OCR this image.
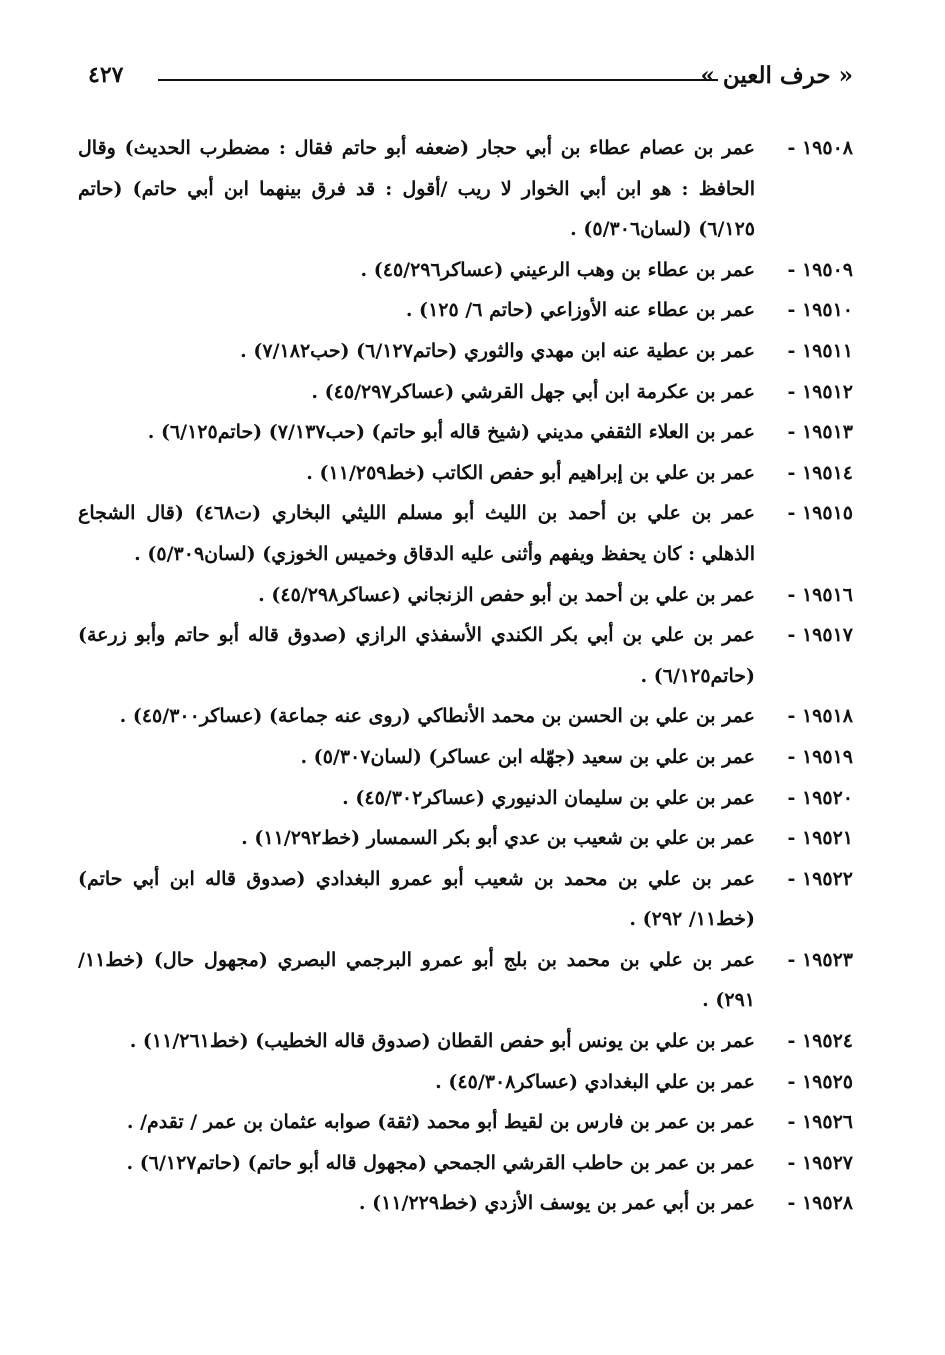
« حرف العين »
٤٢٧

١٩٥٠٨ -
عمر بن عصام عطاء بن أبي حجار (ضعفه أبو حاتم فقال : مضطرب الحديث) وقال الحافظ : هو ابن أبي الخوار لا ريب /أقول : قد فرق بينهما ابن أبي حاتم) (حاتم ٦/١٢٥) (لسان٥/٣٠٦) .

١٩٥٠٩ -
عمر بن عطاء بن وهب الرعيني (عساكر٤٥/٢٩٦) .

١٩٥١٠ -
عمر بن عطاء عنه الأوزاعي (حاتم ٦/ ١٢٥) .

١٩٥١١ -
عمر بن عطية عنه ابن مهدي والثوري (حاتم٦/١٢٧) (حب٧/١٨٢) .

١٩٥١٢ -
عمر بن عكرمة ابن أبي جهل القرشي (عساكر٤٥/٢٩٧) .

١٩٥١٣ -
عمر بن العلاء الثقفي مديني (شيخ قاله أبو حاتم) (حب٧/١٣٧) (حاتم٦/١٢٥) .

١٩٥١٤ -
عمر بن علي بن إبراهيم أبو حفص الكاتب (خط١١/٢٥٩) .

١٩٥١٥ -
عمر بن علي بن أحمد بن الليث أبو مسلم الليثي البخاري (ت٤٦٨) (قال الشجاع الذهلي : كان يحفظ ويفهم وأثنى عليه الدقاق وخميس الخوزي) (لسان٥/٣٠٩) .

١٩٥١٦ -
عمر بن علي بن أحمد بن أبو حفص الزنجاني (عساكر٤٥/٢٩٨) .

١٩٥١٧ -
عمر بن علي بن أبي بكر الكندي الأسفذي الرازي (صدوق قاله أبو حاتم وأبو زرعة) (حاتم٦/١٢٥) .

١٩٥١٨ -
عمر بن علي بن الحسن بن محمد الأنطاكي (روى عنه جماعة) (عساكر٤٥/٣٠٠) .

١٩٥١٩ -
عمر بن علي بن سعيد (جهّله ابن عساكر) (لسان٥/٣٠٧) .

١٩٥٢٠ -
عمر بن علي بن سليمان الدنيوري (عساكر٤٥/٣٠٢) .

١٩٥٢١ -
عمر بن علي بن شعيب بن عدي أبو بكر السمسار (خط١١/٢٩٢) .

١٩٥٢٢ -
عمر بن علي بن محمد بن شعيب أبو عمرو البغدادي (صدوق قاله ابن أبي حاتم) (خط١١/ ٢٩٢) .

١٩٥٢٣ -
عمر بن علي بن محمد بن بلج أبو عمرو البرجمي البصري (مجهول حال) (خط١١/ ٢٩١) .

١٩٥٢٤ -
عمر بن علي بن يونس أبو حفص القطان (صدوق قاله الخطيب) (خط١١/٢٦١) .

١٩٥٢٥ -
عمر بن علي البغدادي (عساكر٤٥/٣٠٨) .

١٩٥٢٦ -
عمر بن عمر بن فارس بن لقيط أبو محمد (ثقة) صوابه عثمان بن عمر / تقدم/ .

١٩٥٢٧ -
عمر بن عمر بن حاطب القرشي الجمحي (مجهول قاله أبو حاتم) (حاتم٦/١٢٧) .

١٩٥٢٨ -
عمر بن أبي عمر بن يوسف الأزدي (خط١١/٢٢٩) .
